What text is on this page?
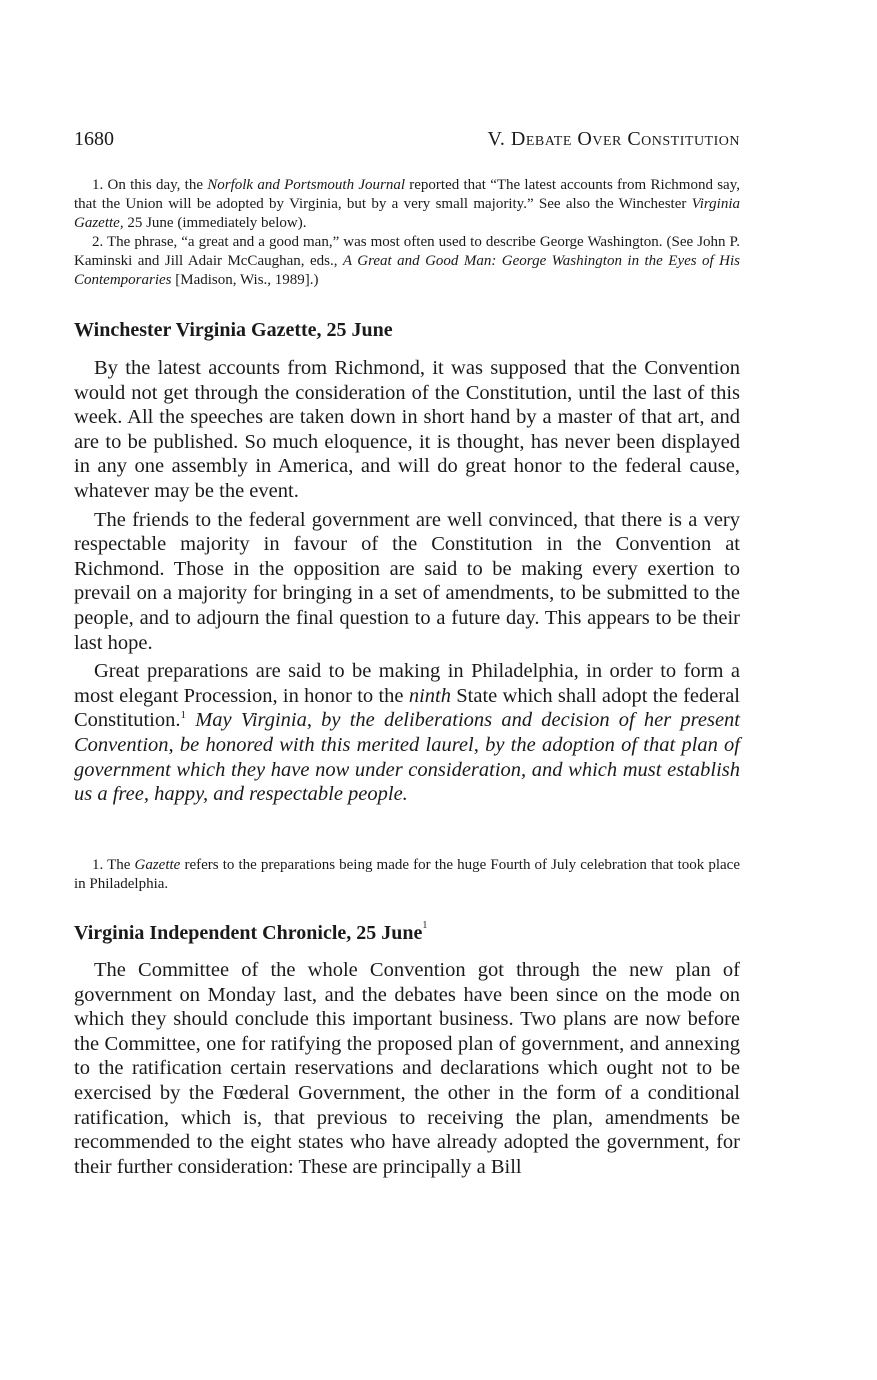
1680	V. Debate Over Constitution

1. On this day, the Norfolk and Portsmouth Journal reported that “The latest accounts from Richmond say, that the Union will be adopted by Virginia, but by a very small majority.” See also the Winchester Virginia Gazette, 25 June (immediately below).

2. The phrase, “a great and a good man,” was most often used to describe George Washington. (See John P. Kaminski and Jill Adair McCaughan, eds., A Great and Good Man: George Washington in the Eyes of His Contemporaries [Madison, Wis., 1989].)

Winchester Virginia Gazette, 25 June

By the latest accounts from Richmond, it was supposed that the Convention would not get through the consideration of the Constitution, until the last of this week. All the speeches are taken down in short hand by a master of that art, and are to be published. So much eloquence, it is thought, has never been displayed in any one assembly in America, and will do great honor to the federal cause, whatever may be the event.

The friends to the federal government are well convinced, that there is a very respectable majority in favour of the Constitution in the Convention at Richmond. Those in the opposition are said to be making every exertion to prevail on a majority for bringing in a set of amendments, to be submitted to the people, and to adjourn the final question to a future day. This appears to be their last hope.

Great preparations are said to be making in Philadelphia, in order to form a most elegant Procession, in honor to the ninth State which shall adopt the federal Constitution.$^1$ May Virginia, by the deliberations and decision of her present Convention, be honored with this merited laurel, by the adoption of that plan of government which they have now under consideration, and which must establish us a free, happy, and respectable people.

1. The Gazette refers to the preparations being made for the huge Fourth of July celebration that took place in Philadelphia.

Virginia Independent Chronicle, 25 June$^1$

The Committee of the whole Convention got through the new plan of government on Monday last, and the debates have been since on the mode on which they should conclude this important business. Two plans are now before the Committee, one for ratifying the proposed plan of government, and annexing to the ratification certain reservations and declarations which ought not to be exercised by the Fœderal Government, the other in the form of a conditional ratification, which is, that previous to receiving the plan, amendments be recommended to the eight states who have already adopted the government, for their further consideration: These are principally a Bill
